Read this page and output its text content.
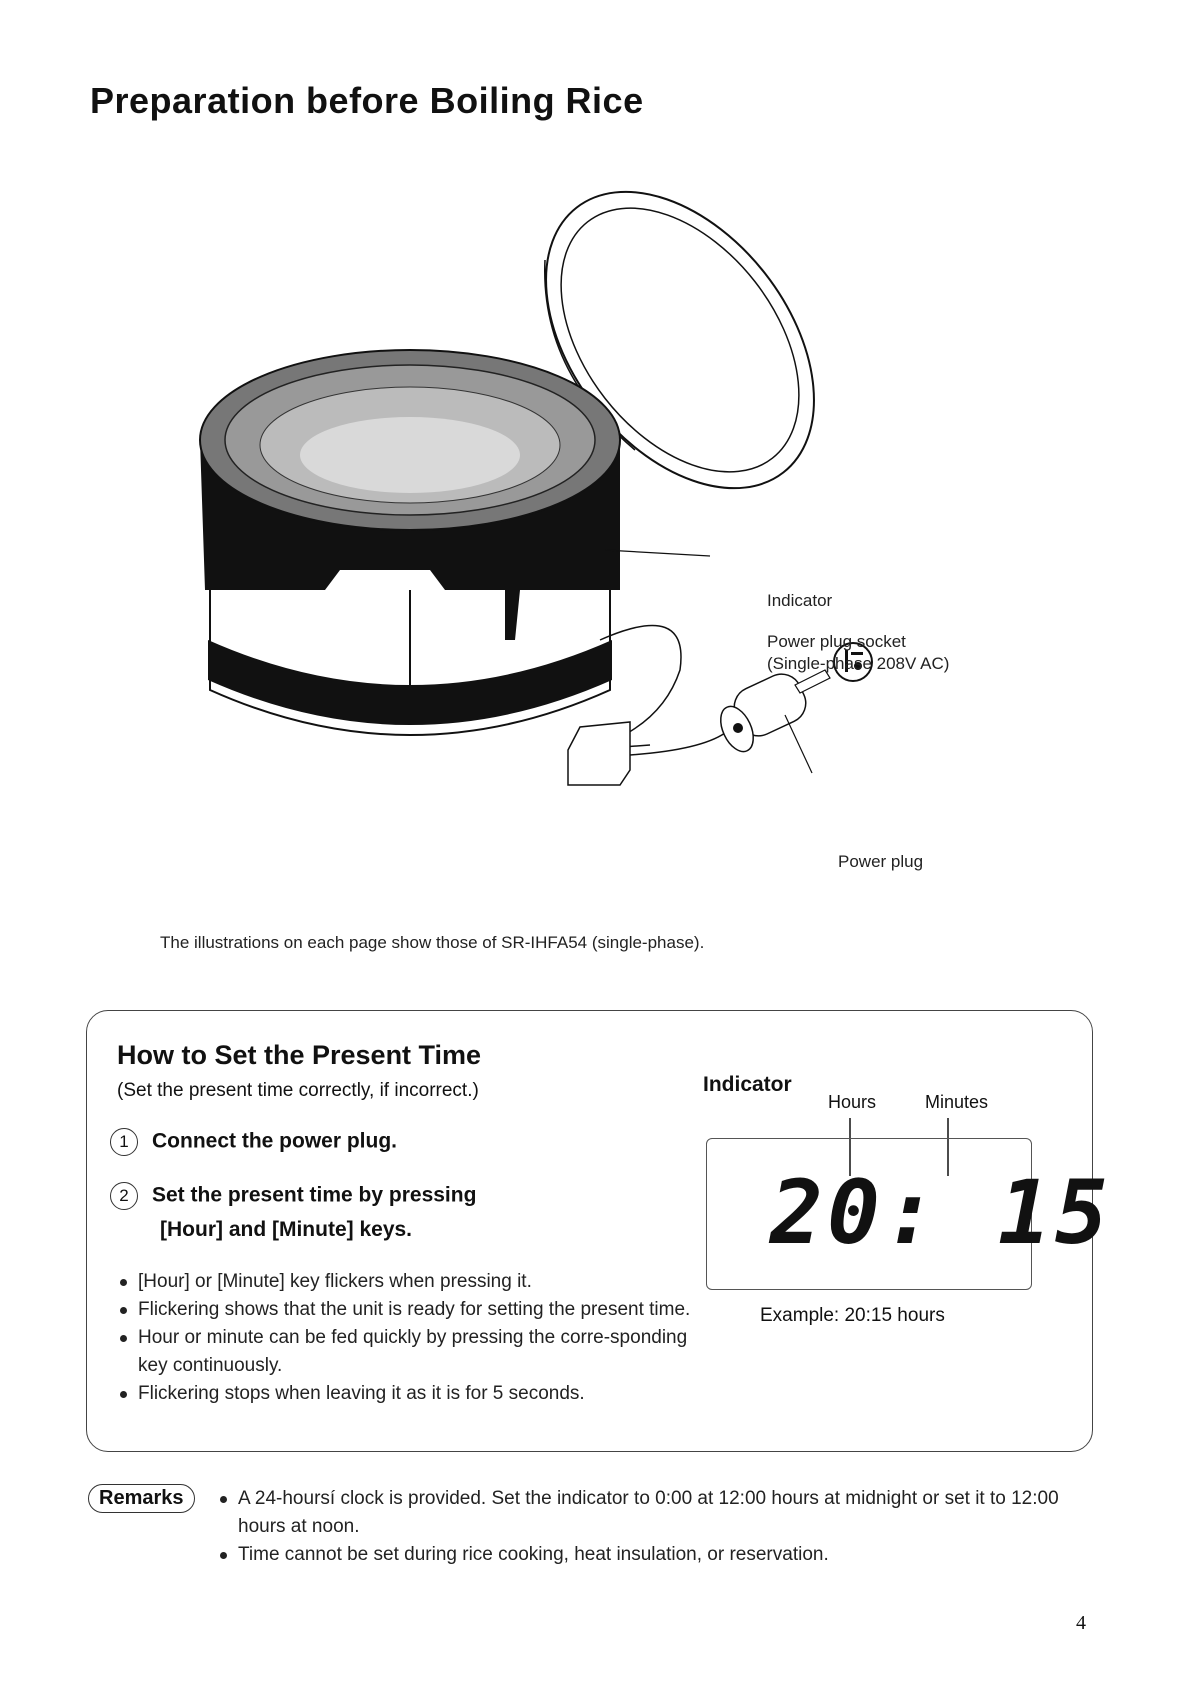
Preparation before Boiling Rice
Indicator
Power plug socket
(Single-phase 208V AC)
Power plug
The illustrations on each page show those of SR-IHFA54 (single-phase).
How to Set the Present Time
(Set the present time correctly, if incorrect.)
1 Connect the power plug.
2 Set the present time by pressing
[Hour] and [Minute] keys.
[Hour] or [Minute] key flickers when pressing it.
Flickering shows that the unit is ready for setting the present time.
Hour or minute can be fed quickly by pressing the corre-sponding key continuously.
Flickering stops when leaving it as it is for 5 seconds.
Indicator
Hours	Minutes
20: 15
Example: 20:15 hours
Remarks	A 24-hoursí clock is provided. Set the indicator to 0:00 at 12:00 hours at midnight or set it to 12:00 hours at noon.
Time cannot be set during rice cooking, heat insulation, or reservation.
4
